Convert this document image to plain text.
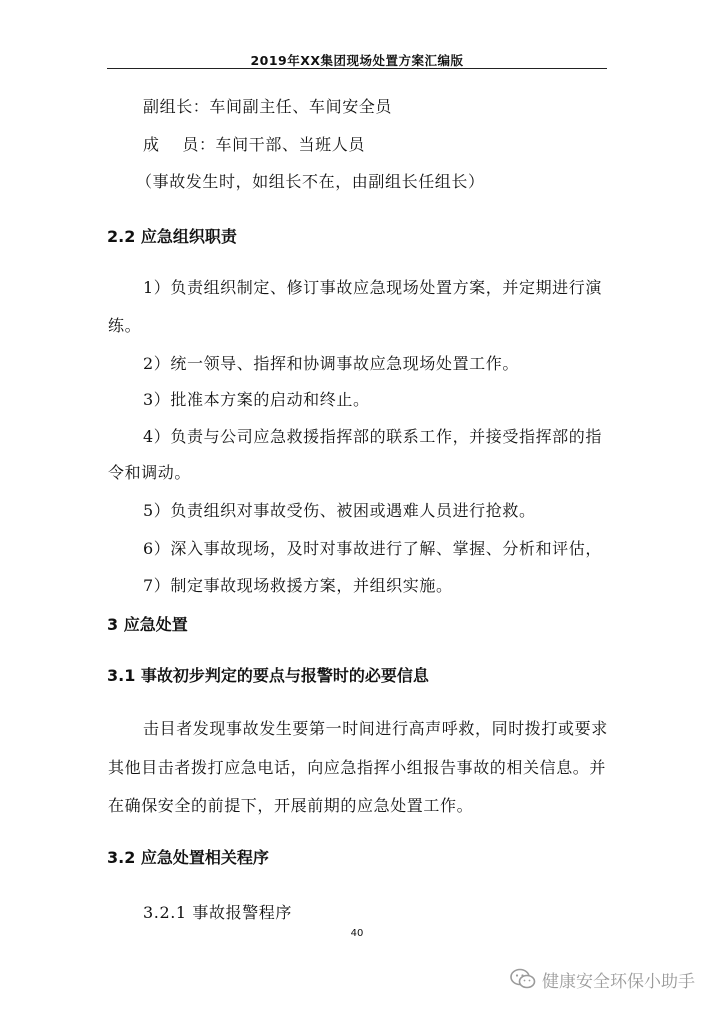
2019年XX集团现场处置方案汇编版
副组长：车间副主任、车间安全员
成    员：车间干部、当班人员
（事故发生时，如组长不在，由副组长任组长）
2.2 应急组织职责
1）负责组织制定、修订事故应急现场处置方案，并定期进行演
练。
2）统一领导、指挥和协调事故应急现场处置工作。
3）批准本方案的启动和终止。
4）负责与公司应急救援指挥部的联系工作，并接受指挥部的指
令和调动。
5）负责组织对事故受伤、被困或遇难人员进行抢救。
6）深入事故现场，及时对事故进行了解、掌握、分析和评估，
7）制定事故现场救援方案，并组织实施。
3 应急处置
3.1 事故初步判定的要点与报警时的必要信息
击目者发现事故发生要第一时间进行高声呼救，同时拨打或要求
其他目击者拨打应急电话，向应急指挥小组报告事故的相关信息。并
在确保安全的前提下，开展前期的应急处置工作。
3.2 应急处置相关程序
3.2.1 事故报警程序
40
健康安全环保小助手
